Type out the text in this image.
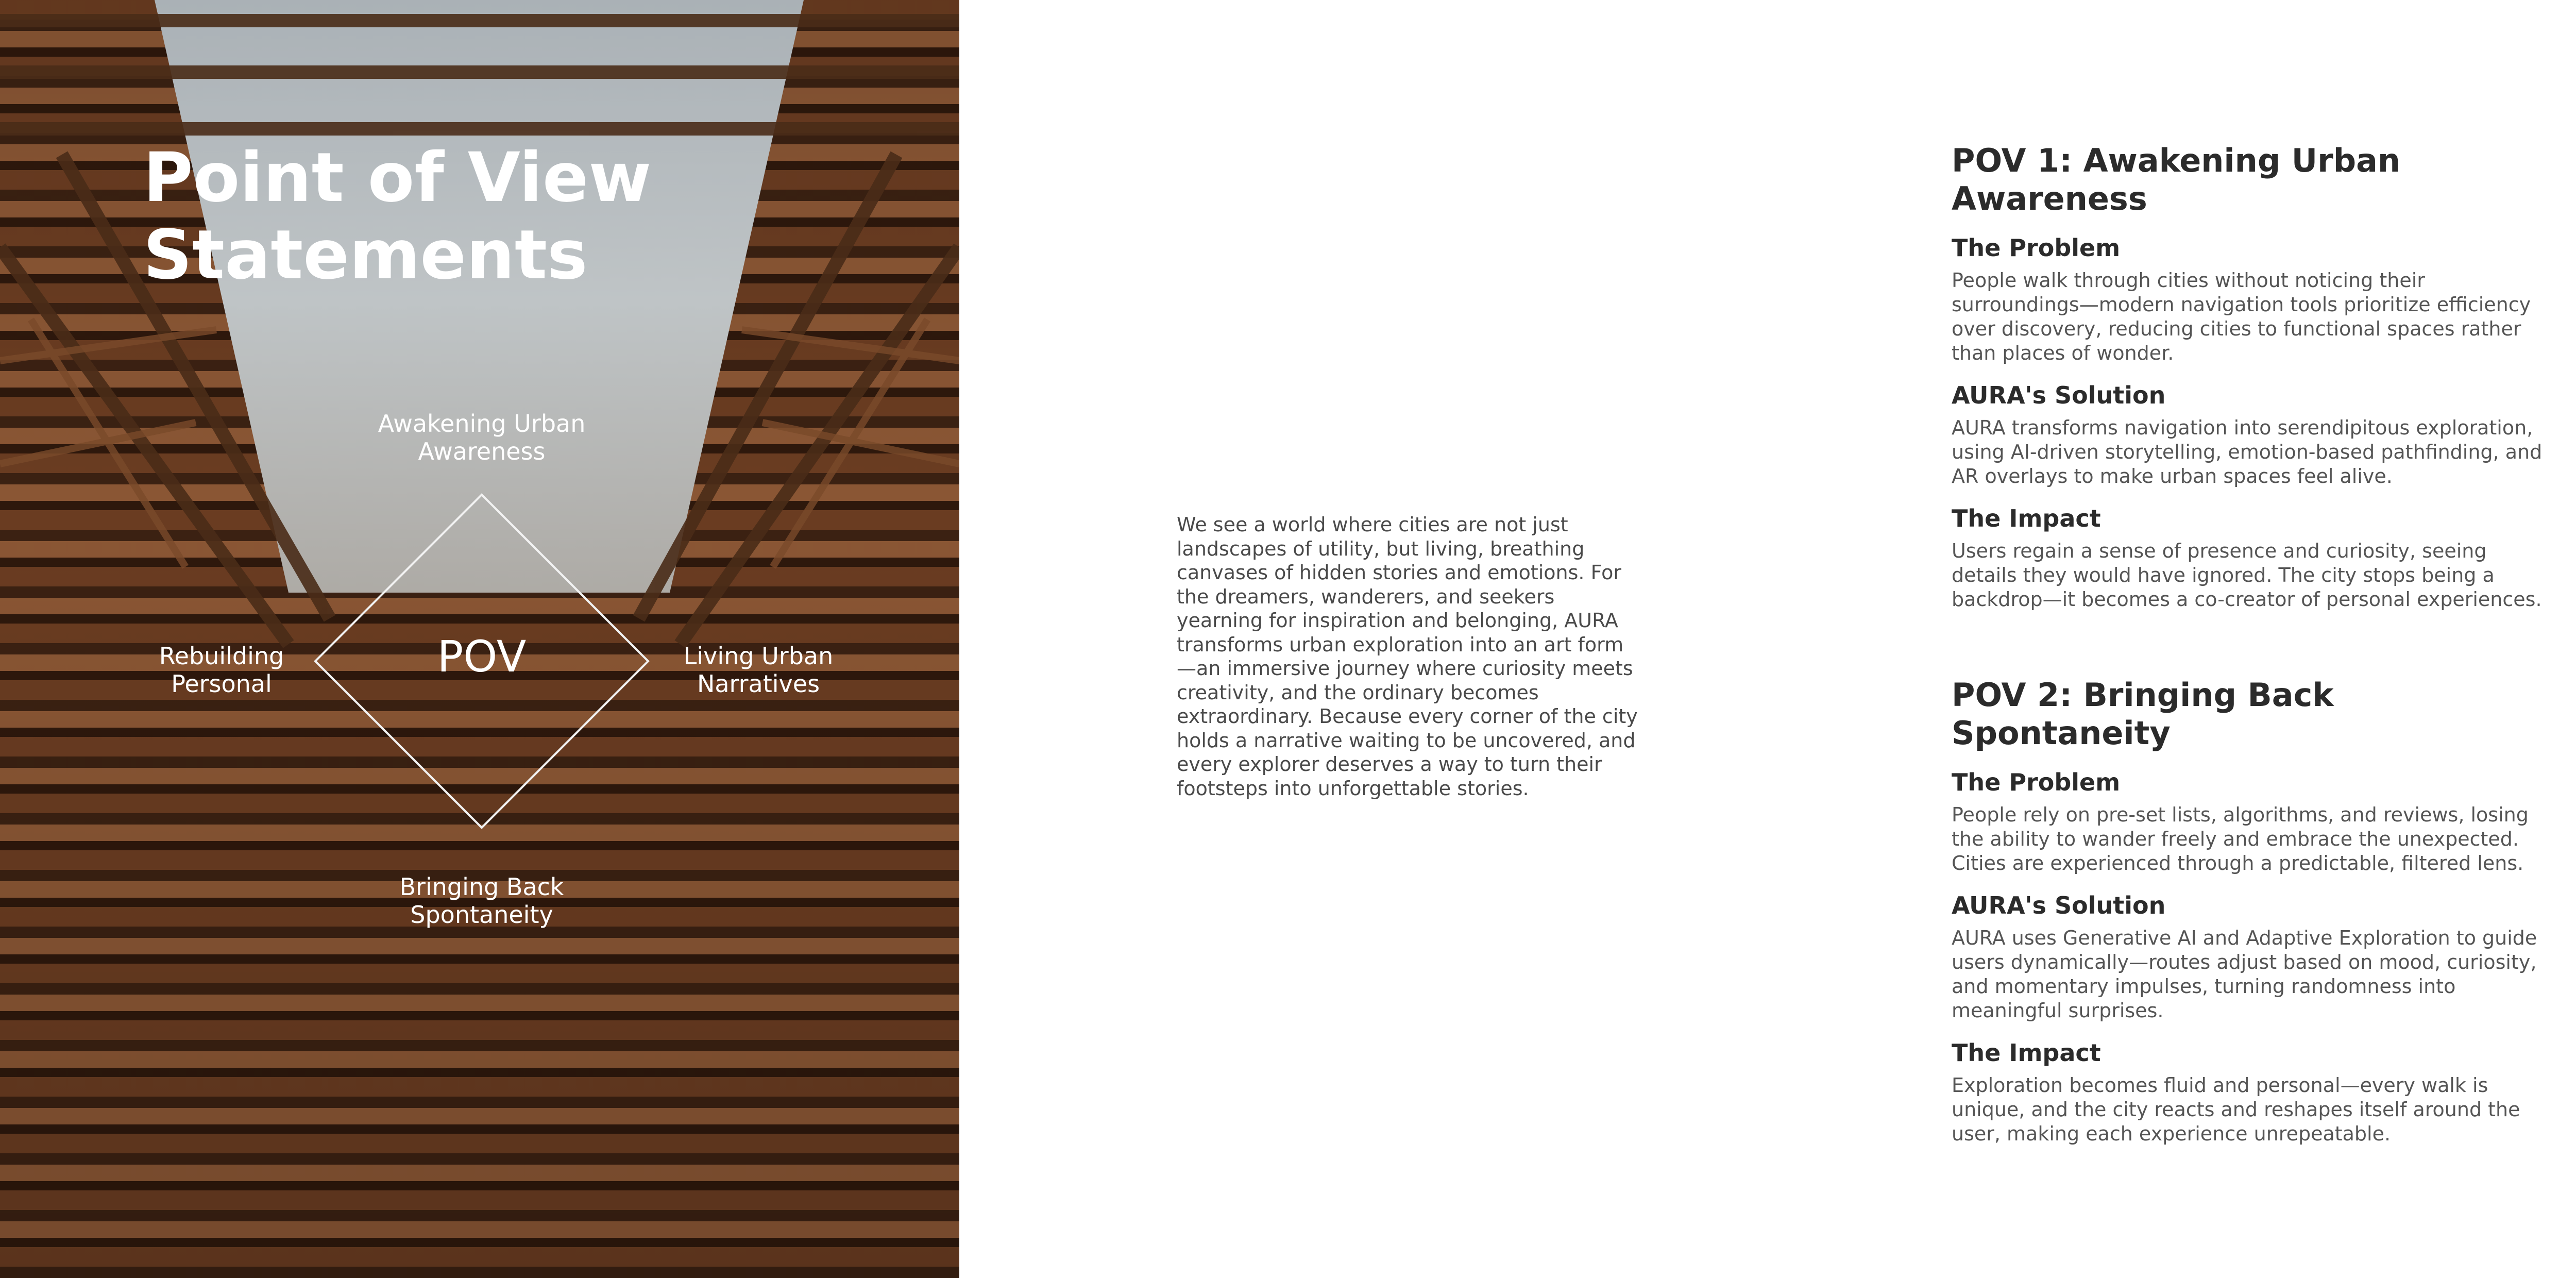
Point of View
Statements
POV
Awakening Urban
Awareness
Rebuilding
Personal
Living Urban
Narratives
Bringing Back
Spontaneity

We see a world where cities are not just landscapes of utility, but living, breathing canvases of hidden stories and emotions. For the dreamers, wanderers, and seekers yearning for inspiration and belonging, AURA transforms urban exploration into an art form—an immersive journey where curiosity meets creativity, and the ordinary becomes extraordinary. Because every corner of the city holds a narrative waiting to be uncovered, and every explorer deserves a way to turn their footsteps into unforgettable stories.

POV 1: Awakening Urban Awareness
The Problem

People walk through cities without noticing their surroundings—modern navigation tools prioritize efficiency over discovery, reducing cities to functional spaces rather than places of wonder.

AURA's Solution

AURA transforms navigation into serendipitous exploration, using AI-driven storytelling, emotion-based pathfinding, and AR overlays to make urban spaces feel alive.

The Impact

Users regain a sense of presence and curiosity, seeing details they would have ignored. The city stops being a backdrop—it becomes a co-creator of personal experiences.

POV 2: Bringing Back Spontaneity
The Problem

People rely on pre-set lists, algorithms, and reviews, losing the ability to wander freely and embrace the unexpected. Cities are experienced through a predictable, filtered lens.

AURA's Solution

AURA uses Generative AI and Adaptive Exploration to guide users dynamically—routes adjust based on mood, curiosity, and momentary impulses, turning randomness into meaningful surprises.

The Impact

Exploration becomes fluid and personal—every walk is unique, and the city reacts and reshapes itself around the user, making each experience unrepeatable.
